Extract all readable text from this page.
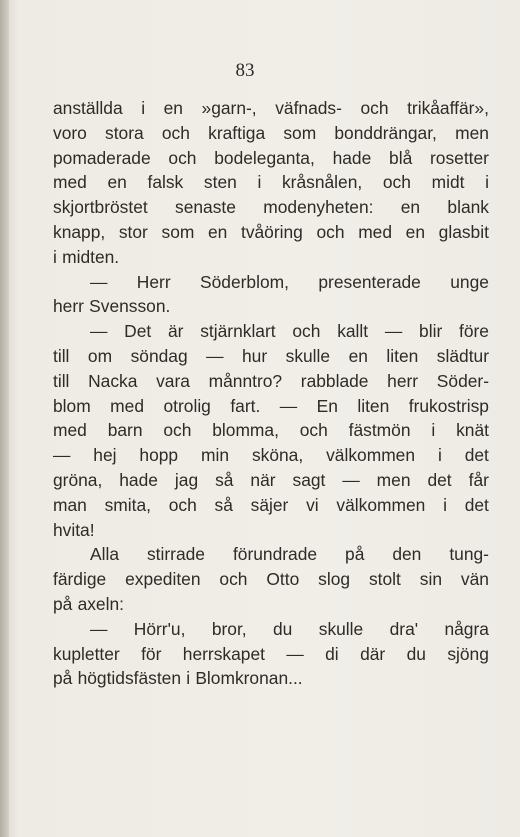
83
anställda i en »garn-, väfnads- och trikåaffär»,
voro stora och kraftiga som bonddrängar, men
pomaderade och bodeleganta, hade blå rosetter
med en falsk sten i kråsnålen, och midt i
skjortbröstet senaste modenyheten: en blank
knapp, stor som en tvåöring och med en glasbit
i midten.
— Herr Söderblom, presenterade unge
herr Svensson.
— Det är stjärnklart och kallt — blir före
till om söndag — hur skulle en liten slädtur
till Nacka vara månntro? rabblade herr Söder-
blom med otrolig fart. — En liten frukostrisp
med barn och blomma, och fästmön i knät
— hej hopp min sköna, välkommen i det
gröna, hade jag så när sagt — men det får
man smita, och så säjer vi välkommen i det
hvita!
Alla stirrade förundrade på den tung-
färdige expediten och Otto slog stolt sin vän
på axeln:
— Hörr'u, bror, du skulle dra' några
kupletter för herrskapet — di där du sjöng
på högtidsfästen i Blomkronan...
